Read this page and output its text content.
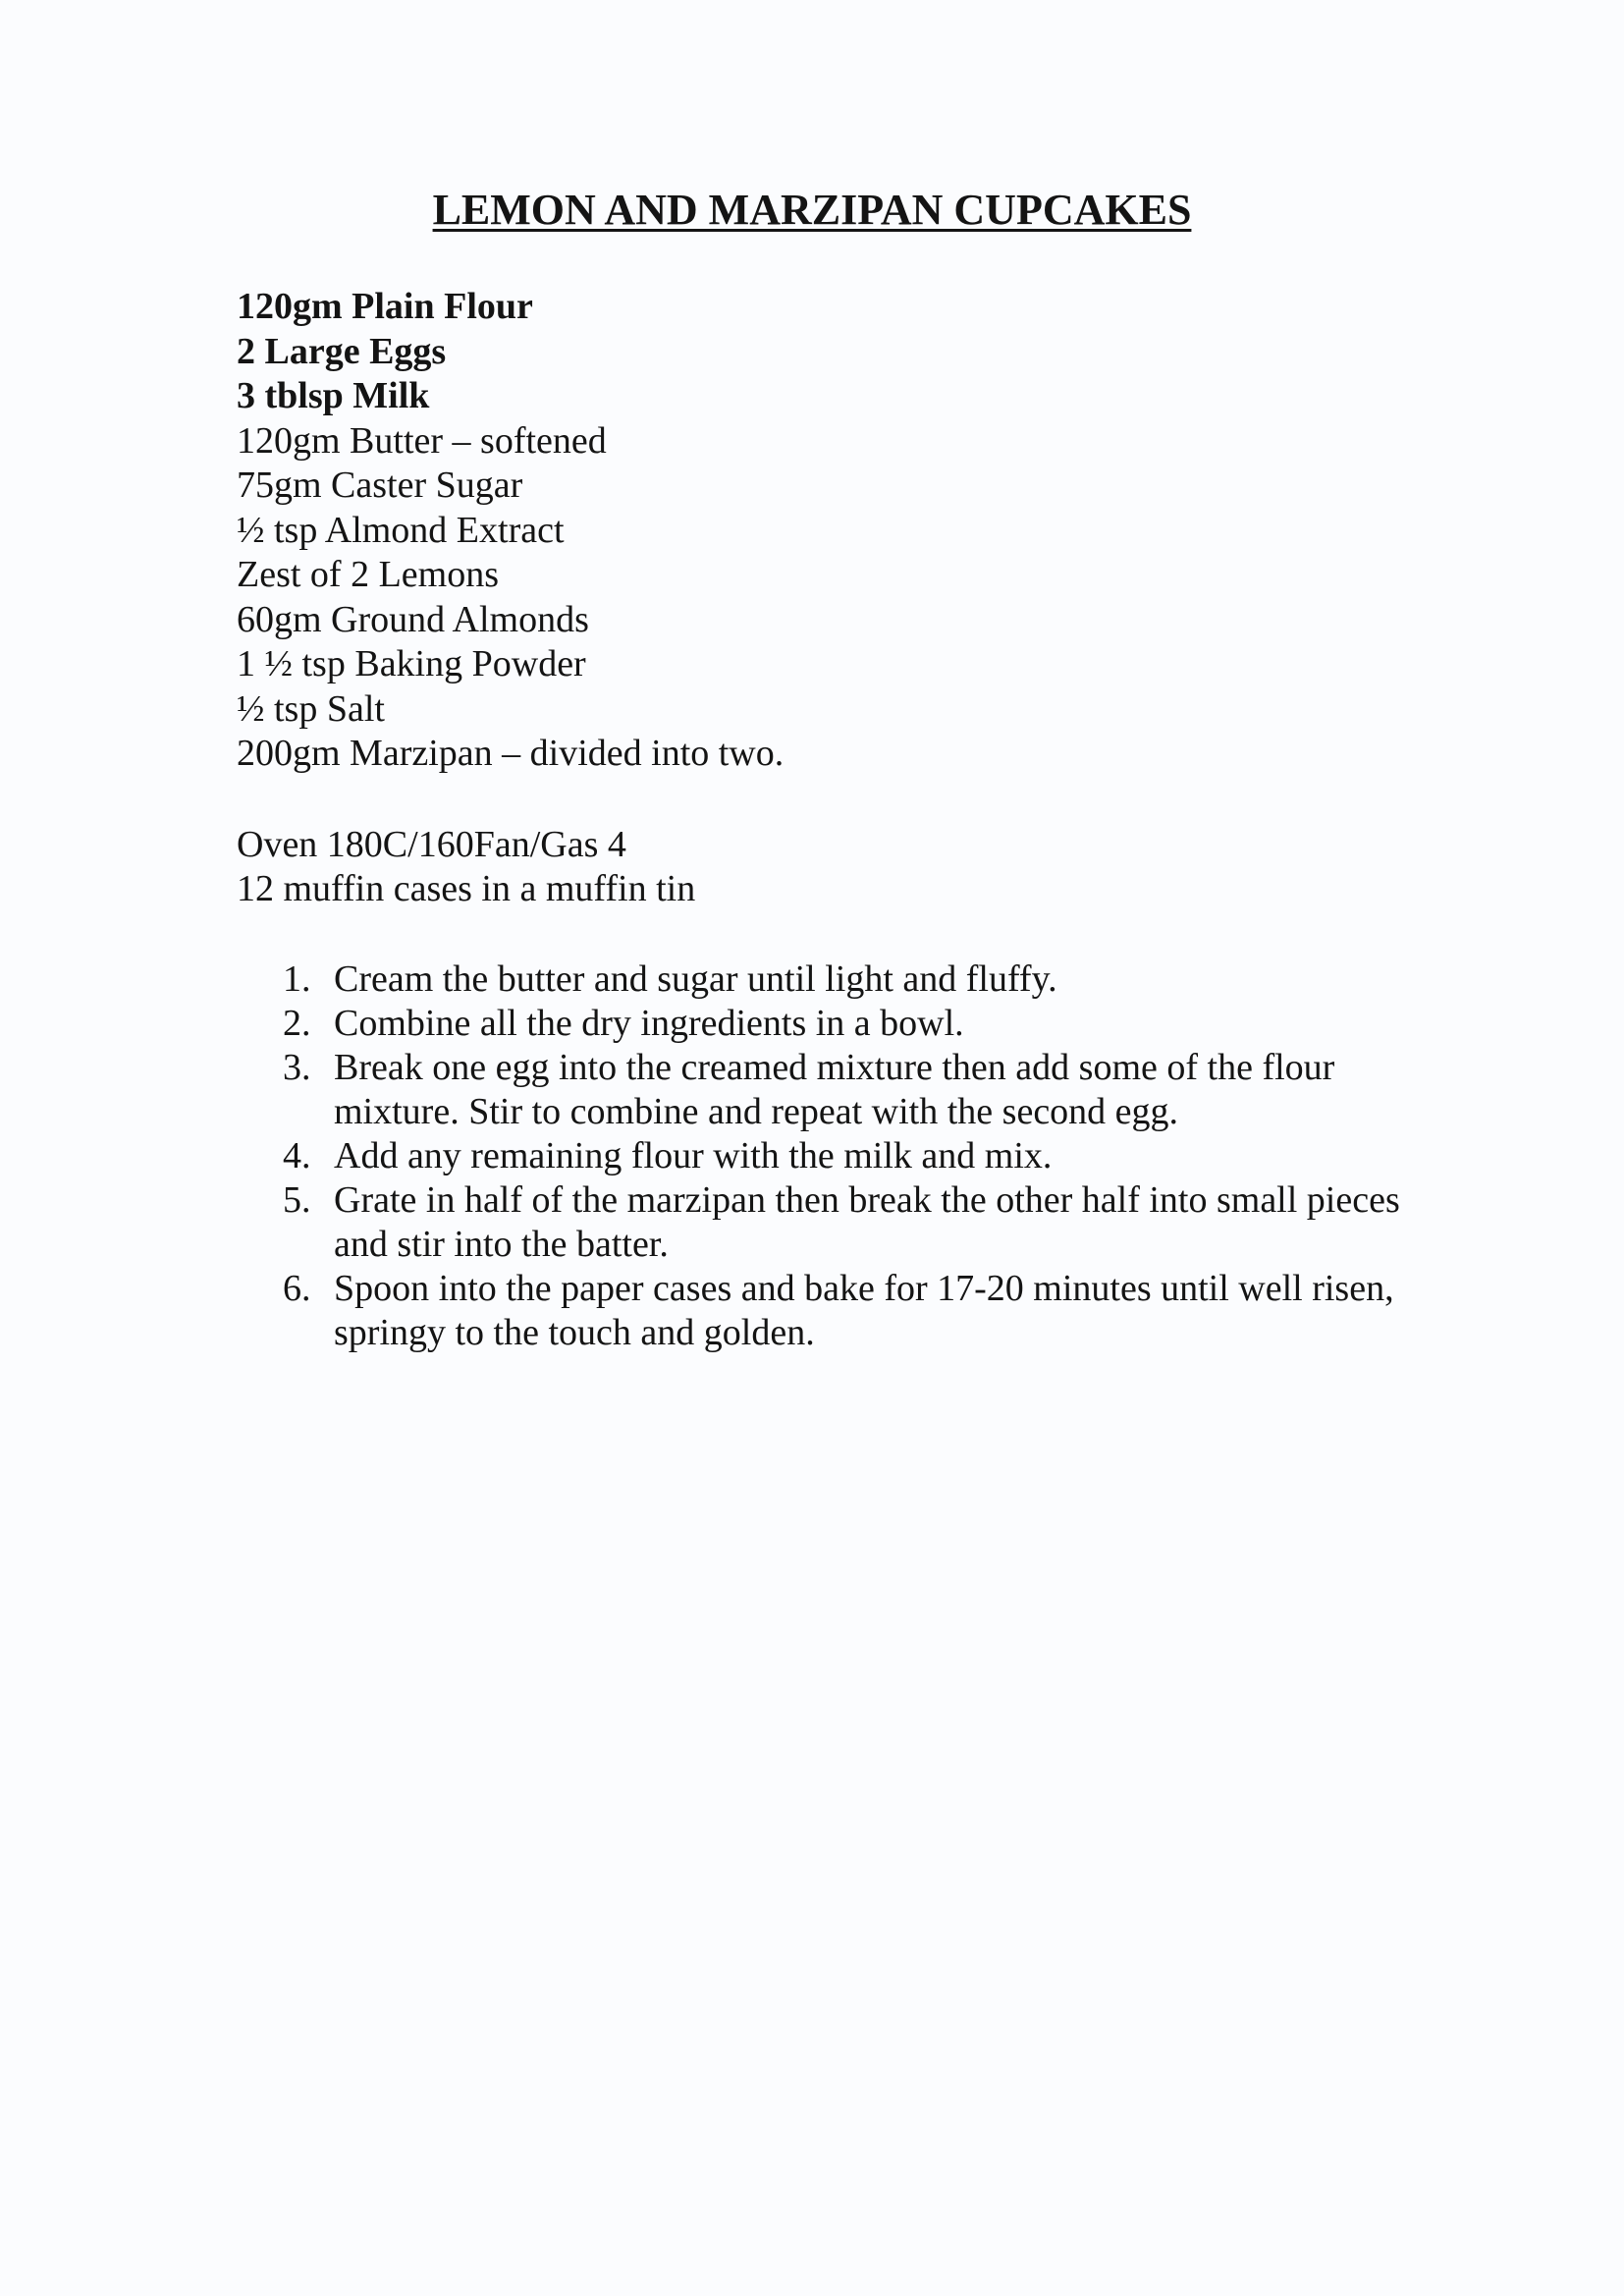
LEMON AND MARZIPAN CUPCAKES
120gm Plain Flour
2 Large Eggs
3 tblsp Milk
120gm Butter – softened
75gm Caster Sugar
½ tsp Almond Extract
Zest of 2 Lemons
60gm Ground Almonds
1 ½ tsp Baking Powder
½ tsp Salt
200gm Marzipan – divided into two.
Oven 180C/160Fan/Gas 4
12 muffin cases in a muffin tin
1. Cream the butter and sugar until light and fluffy.
2. Combine all the dry ingredients in a bowl.
3. Break one egg into the creamed mixture then add some of the flour mixture. Stir to combine and repeat with the second egg.
4. Add any remaining flour with the milk and mix.
5. Grate in half of the marzipan then break the other half into small pieces and stir into the batter.
6. Spoon into the paper cases and bake for 17-20 minutes until well risen, springy to the touch and golden.
